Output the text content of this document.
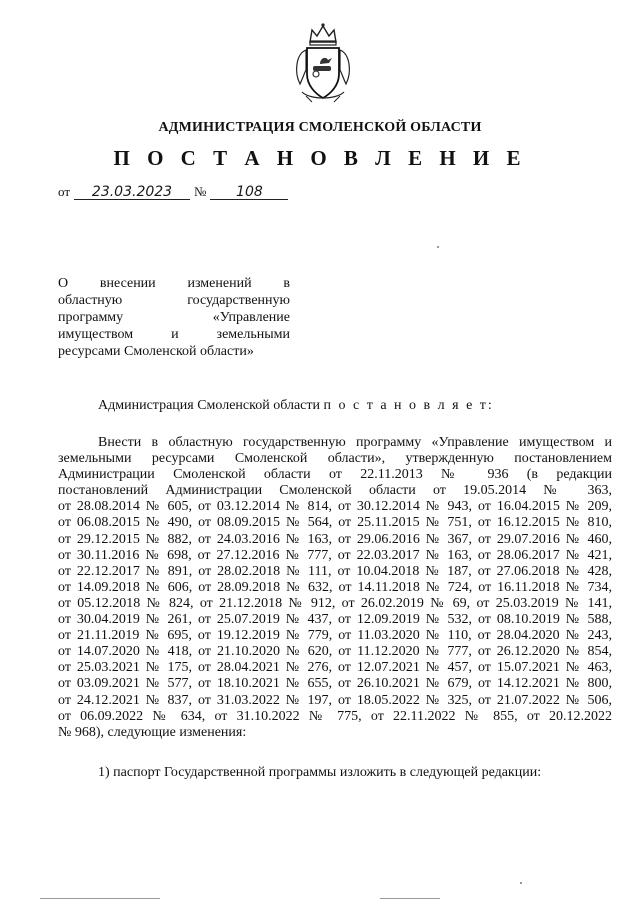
АДМИНИСТРАЦИЯ СМОЛЕНСКОЙ ОБЛАСТИ
П О С Т А Н О В Л Е Н И Е
от	23.03.2023	№	108
О внесении изменений в
областную государственную
программу «Управление
имуществом и земельными
ресурсами Смоленской области»
Администрация Смоленской области п о с т а н о в л я е т:
Внести в областную государственную программу «Управление имуществом и
земельными ресурсами Смоленской области», утвержденную постановлением
Администрации Смоленской области от 22.11.2013 № 936 (в редакции
постановлений Администрации Смоленской области от 19.05.2014 № 363,
от 28.08.2014 № 605, от 03.12.2014 № 814, от 30.12.2014 № 943, от 16.04.2015 № 209,
от 06.08.2015 № 490, от 08.09.2015 № 564, от 25.11.2015 № 751, от 16.12.2015 № 810,
от 29.12.2015 № 882, от 24.03.2016 № 163, от 29.06.2016 № 367, от 29.07.2016 № 460,
от 30.11.2016 № 698, от 27.12.2016 № 777, от 22.03.2017 № 163, от 28.06.2017 № 421,
от 22.12.2017 № 891, от 28.02.2018 № 111, от 10.04.2018 № 187, от 27.06.2018 № 428,
от 14.09.2018 № 606, от 28.09.2018 № 632, от 14.11.2018 № 724, от 16.11.2018 № 734,
от 05.12.2018 № 824, от 21.12.2018 № 912, от 26.02.2019 № 69, от 25.03.2019 № 141,
от 30.04.2019 № 261, от 25.07.2019 № 437, от 12.09.2019 № 532, от 08.10.2019 № 588,
от 21.11.2019 № 695, от 19.12.2019 № 779, от 11.03.2020 № 110, от 28.04.2020 № 243,
от 14.07.2020 № 418, от 21.10.2020 № 620, от 11.12.2020 № 777, от 26.12.2020 № 854,
от 25.03.2021 № 175, от 28.04.2021 № 276, от 12.07.2021 № 457, от 15.07.2021 № 463,
от 03.09.2021 № 577, от 18.10.2021 № 655, от 26.10.2021 № 679, от 14.12.2021 № 800,
от 24.12.2021 № 837, от 31.03.2022 № 197, от 18.05.2022 № 325, от 21.07.2022 № 506,
от 06.09.2022 № 634, от 31.10.2022 № 775, от 22.11.2022 № 855, от 20.12.2022
№ 968), следующие изменения:
1) паспорт Государственной программы изложить в следующей редакции:
